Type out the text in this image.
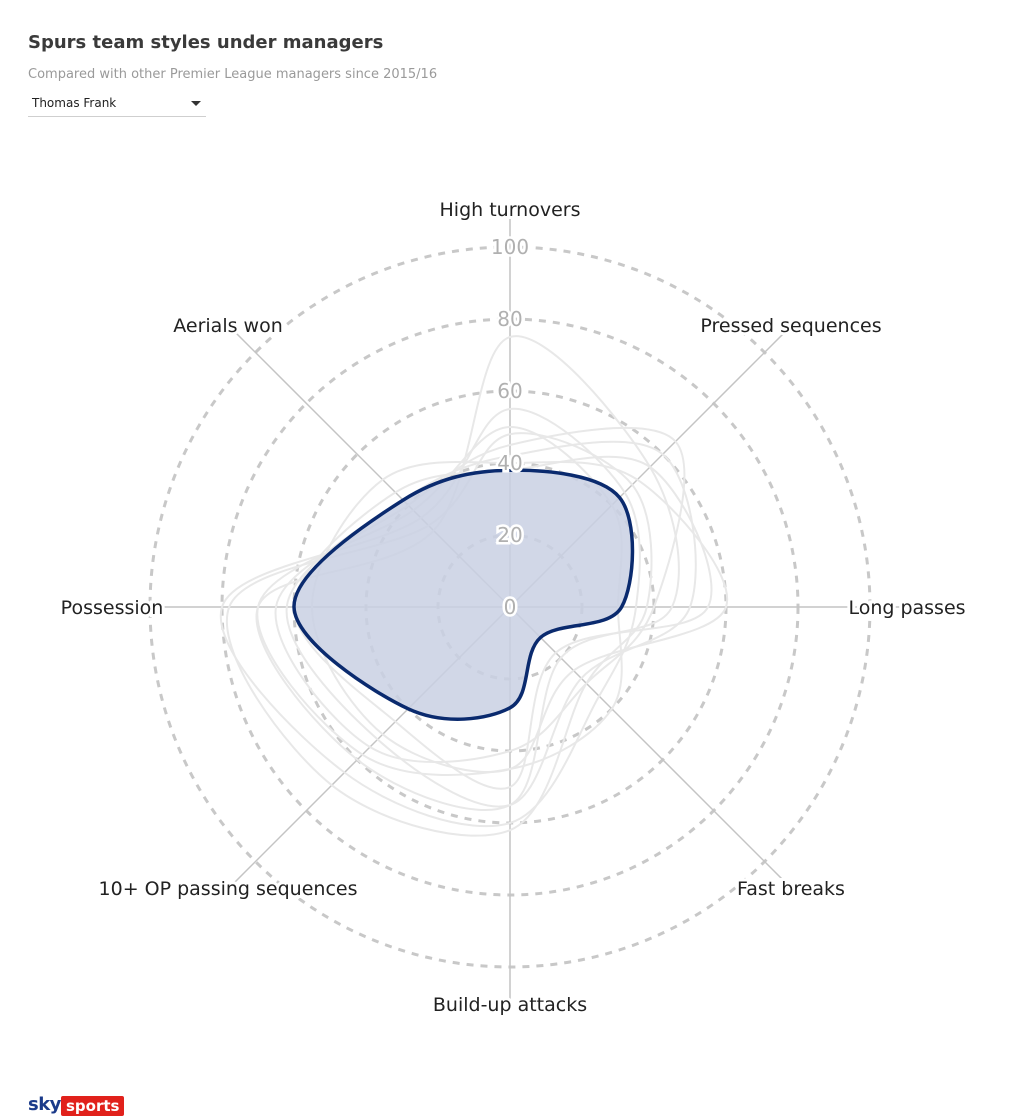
Spurs team styles under managers
Compared with other Premier League managers since 2015/16
Thomas Frank
0
20
40
60
80
100
High turnovers
Pressed sequences
Long passes
Fast breaks
Build-up attacks
10+ OP passing sequences
Possession
Aerials won
sky sports
